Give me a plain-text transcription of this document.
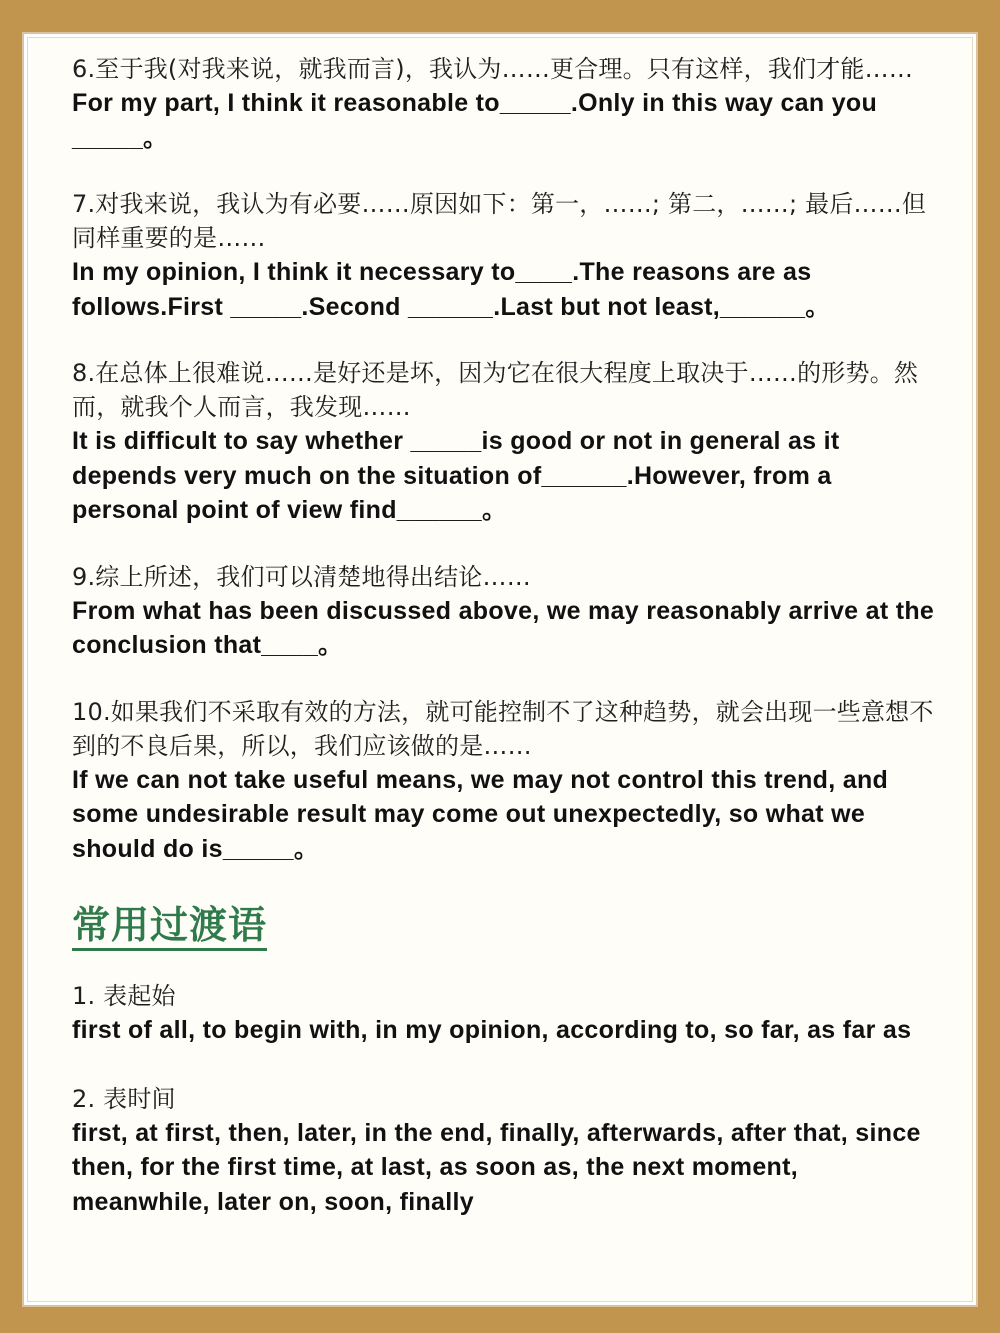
6.至于我(对我来说，就我而言)，我认为……更合理。只有这样，我们才能……
For my part, I think it reasonable to_____.Only in this way can you _____。
7.对我来说，我认为有必要……原因如下：第一，……; 第二，……; 最后……但同样重要的是……
In my opinion, I think it necessary to____.The reasons are as follows.First _____.Second ______.Last but not least,______。
8.在总体上很难说……是好还是坏，因为它在很大程度上取决于……的形势。然而，就我个人而言，我发现……
It is difficult to say whether _____is good or not in general as it depends very much on the situation of______.However, from a personal point of view find______。
9.综上所述，我们可以清楚地得出结论……
From what has been discussed above, we may reasonably arrive at the conclusion that____。
10.如果我们不采取有效的方法，就可能控制不了这种趋势，就会出现一些意想不到的不良后果，所以，我们应该做的是……
If we can not take useful means, we may not control this trend, and some undesirable result may come out unexpectedly, so what we should do is_____。
常用过渡语
1. 表起始
first of all, to begin with, in my opinion, according to, so far, as far as
2. 表时间
first, at first, then, later, in the end, finally, afterwards, after that, since then, for the first time, at last, as soon as, the next moment, meanwhile, later on, soon, finally
